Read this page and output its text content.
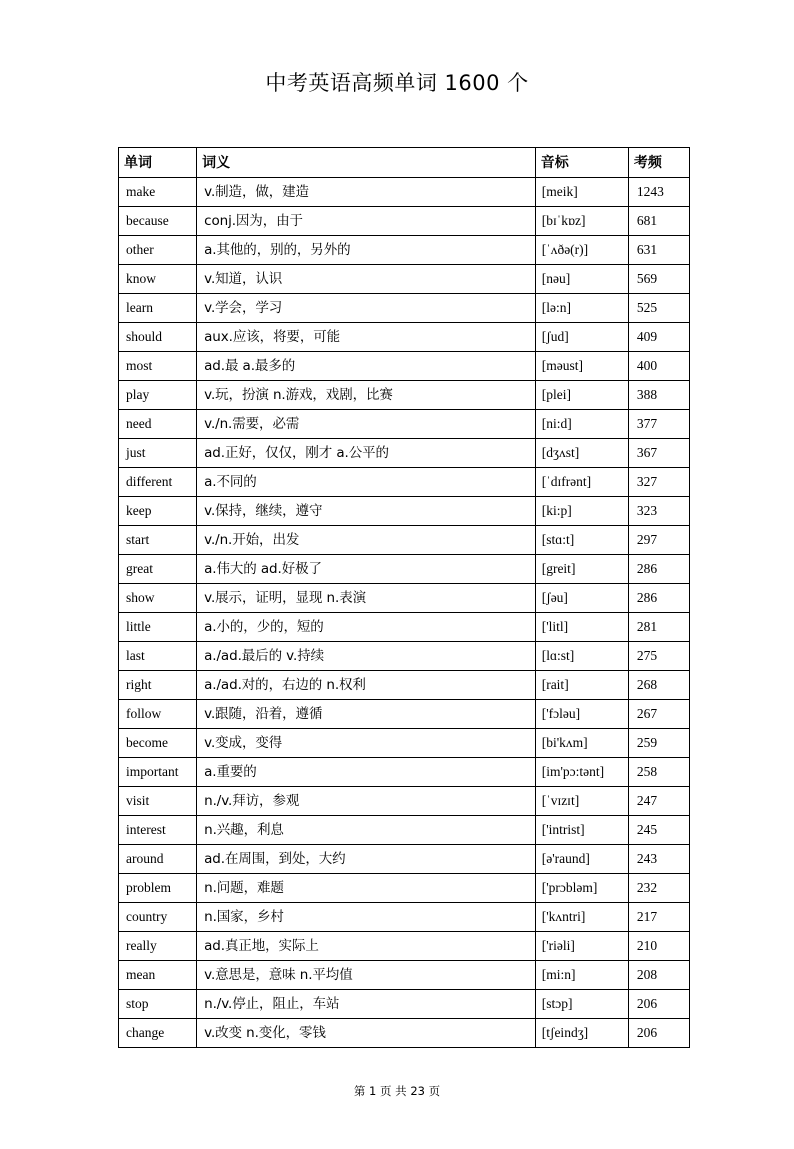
中考英语高频单词 1600 个
单词	词义	音标	考频
make	v.制造，做，建造	[meik]	1243
because	conj.因为，由于	[bɪˈkɒz]	681
other	a.其他的，别的，另外的	[ˈʌðə(r)]	631
know	v.知道，认识	[nəu]	569
learn	v.学会，学习	[lə:n]	525
should	aux.应该，将要，可能	[ʃud]	409
most	ad.最 a.最多的	[məust]	400
play	v.玩，扮演 n.游戏，戏剧，比赛	[plei]	388
need	v./n.需要，必需	[ni:d]	377
just	ad.正好，仅仅，刚才 a.公平的	[dʒʌst]	367
different	a.不同的	[ˈdɪfrənt]	327
keep	v.保持，继续，遵守	[ki:p]	323
start	v./n.开始，出发	[stɑ:t]	297
great	a.伟大的 ad.好极了	[greit]	286
show	v.展示，证明，显现 n.表演	[ʃəu]	286
little	a.小的，少的，短的	['litl]	281
last	a./ad.最后的 v.持续	[lɑ:st]	275
right	a./ad.对的，右边的 n.权利	[rait]	268
follow	v.跟随，沿着，遵循	['fɔləu]	267
become	v.变成，变得	[bi'kʌm]	259
important	a.重要的	[im'pɔ:tənt]	258
visit	n./v.拜访，参观	[ˈvɪzɪt]	247
interest	n.兴趣，利息	['intrist]	245
around	ad.在周围，到处，大约	[ə'raund]	243
problem	n.问题，难题	['prɔbləm]	232
country	n.国家，乡村	['kʌntri]	217
really	ad.真正地，实际上	['riəli]	210
mean	v.意思是，意味 n.平均值	[mi:n]	208
stop	n./v.停止，阻止，车站	[stɔp]	206
change	v.改变 n.变化，零钱	[tʃeindʒ]	206
第 1 页 共 23 页
